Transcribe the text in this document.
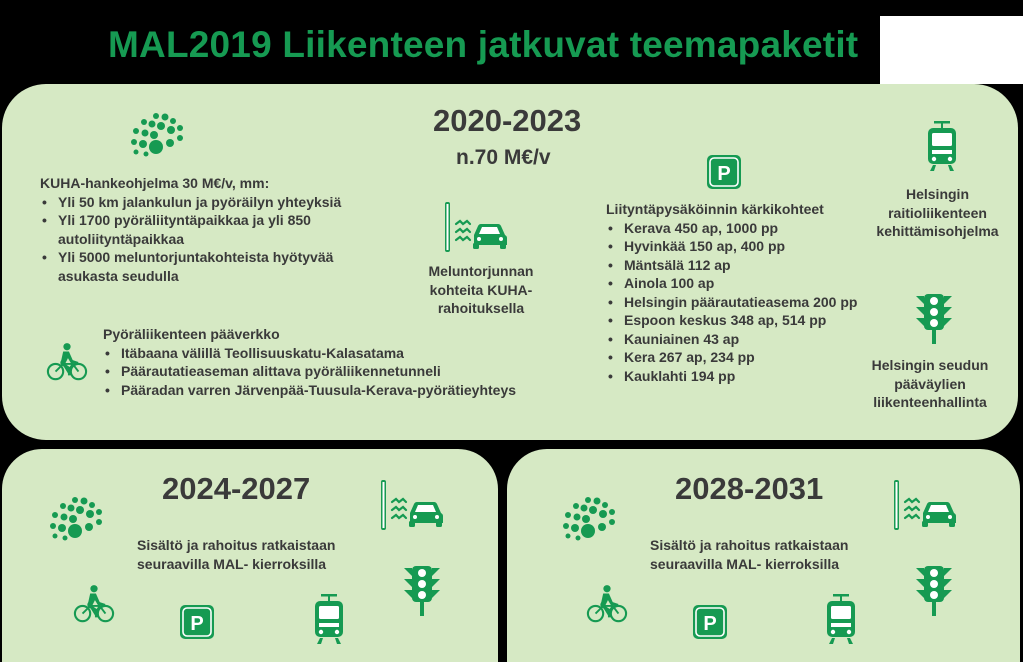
MAL2019 Liikenteen jatkuvat teemapaketit
2020-2023
n.70 M€/v
KUHA-hankeohjelma 30 M€/v, mm:
• Yli 50 km jalankulun ja pyöräilyn yhteyksiä
• Yli 1700 pyöräliityntäpaikkaa ja yli 850 autoliityntäpaikkaa
• Yli 5000 meluntorjuntakohteista hyötyvää asukasta seudulla	Meluntorjunnan
kohteita KUHA-
rahoituksella
Pyöräliikenteen pääverkko
• Itäbaana välillä Teollisuuskatu-Kalasatama
• Päärautatieaseman alittava pyöräliikennetunneli
• Pääradan varren Järvenpää-Tuusula-Kerava-pyörätieyhteys
Liityntäpysäköinnin kärkikohteet
• Kerava 450 ap, 1000 pp
• Hyvinkää 150 ap, 400 pp
• Mäntsälä 112 ap
• Ainola 100 ap
• Helsingin päärautatieasema 200 pp
• Espoon keskus 348 ap, 514 pp
• Kauniainen 43 ap
• Kera 267 ap, 234 pp
• Kauklahti 194 pp
Helsingin
raitioliikenteen
kehittämisohjelma
Helsingin seudun
pääväylien
liikenteenhallinta
2024-2027
Sisältö ja rahoitus ratkaistaan
seuraavilla MAL- kierroksilla
2028-2031
Sisältö ja rahoitus ratkaistaan
seuraavilla MAL- kierroksilla
